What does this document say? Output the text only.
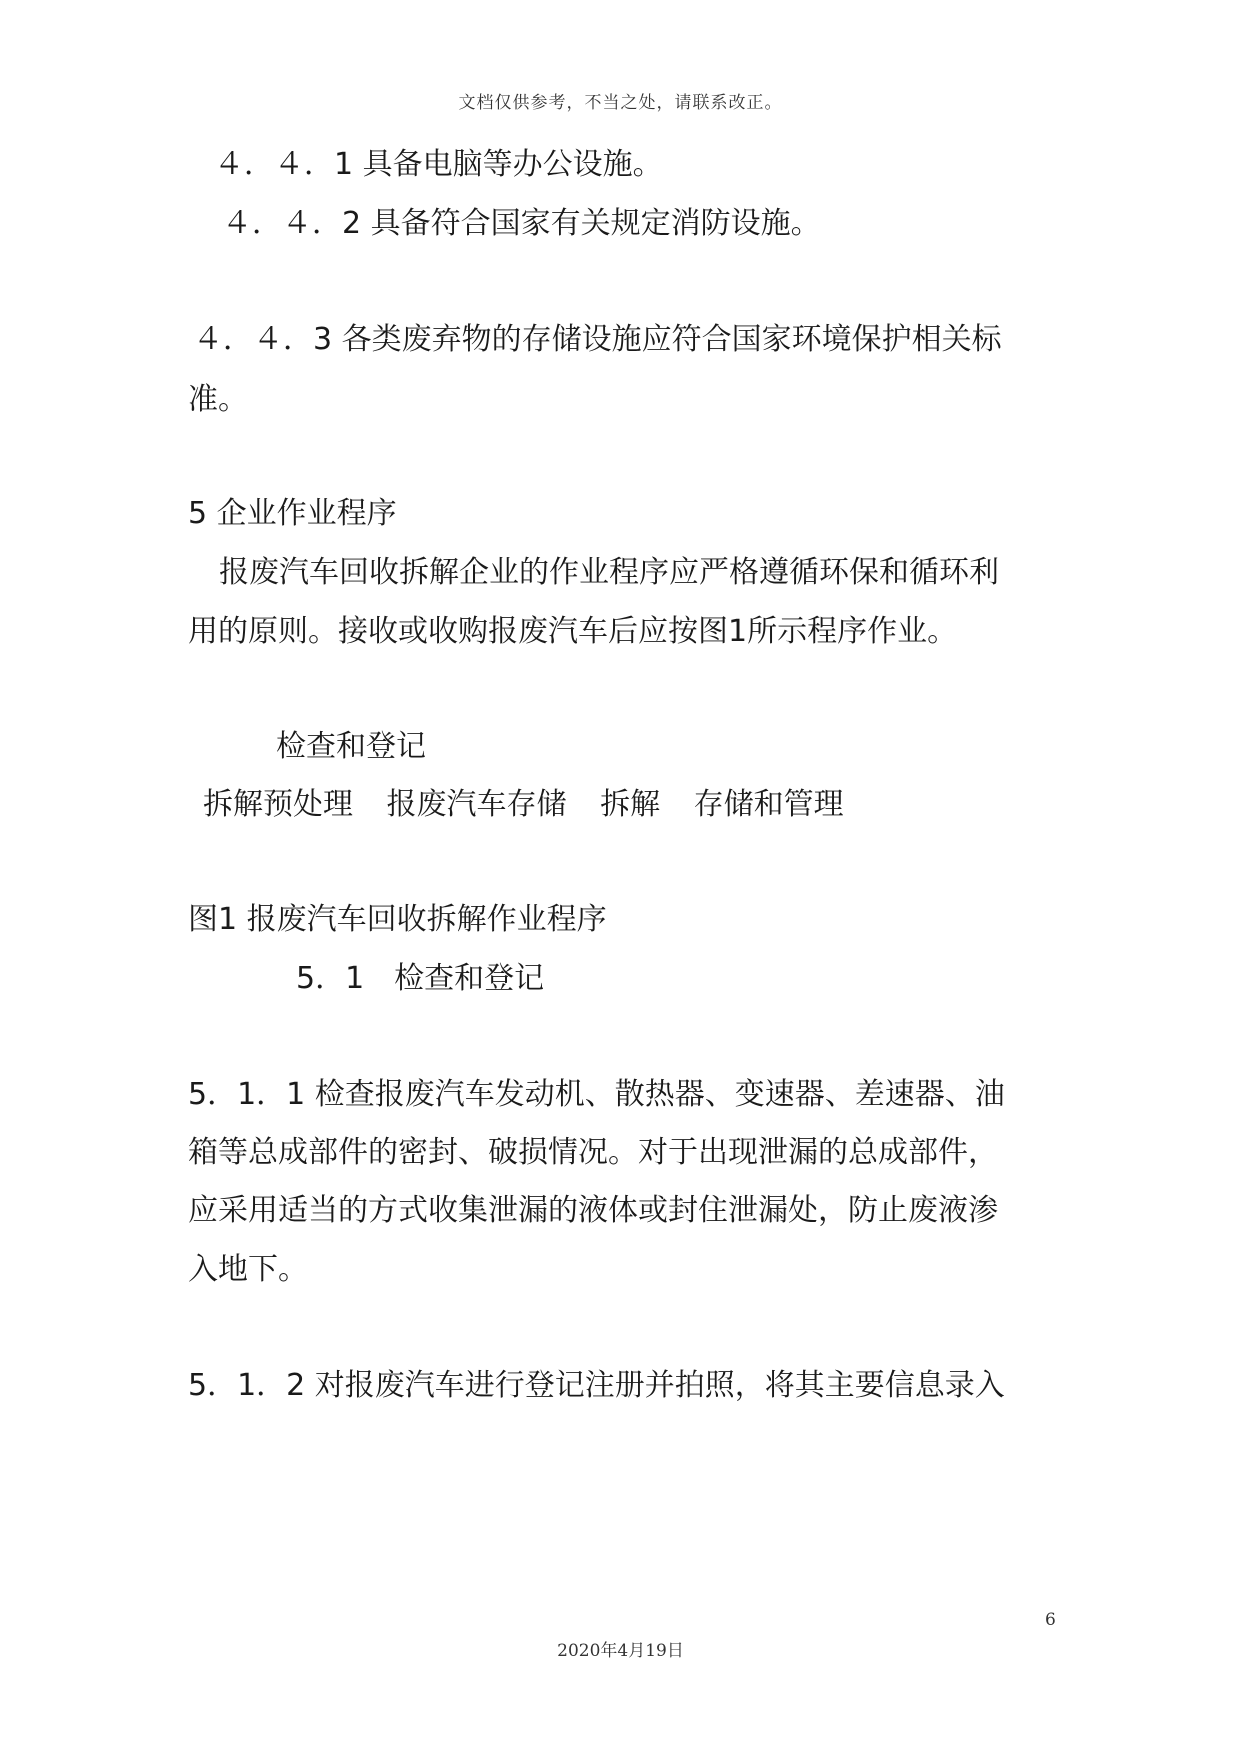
文档仅供参考，不当之处，请联系改正。
４．４．1 具备电脑等办公设施。
４．４．2 具备符合国家有关规定消防设施。
４．４．3 各类废弃物的存储设施应符合国家环境保护相关标
准。
5 企业作业程序
报废汽车回收拆解企业的作业程序应严格遵循环保和循环利
用的原则。接收或收购报废汽车后应按图1所示程序作业。
检查和登记
拆解预处理 报废汽车存储 拆解 存储和管理
图1 报废汽车回收拆解作业程序
5．1　检查和登记
5．1．1 检查报废汽车发动机、散热器、变速器、差速器、油
箱等总成部件的密封、破损情况。对于出现泄漏的总成部件，
应采用适当的方式收集泄漏的液体或封住泄漏处，防止废液渗
入地下。
5．1．2 对报废汽车进行登记注册并拍照，将其主要信息录入
6
2020年4月19日
